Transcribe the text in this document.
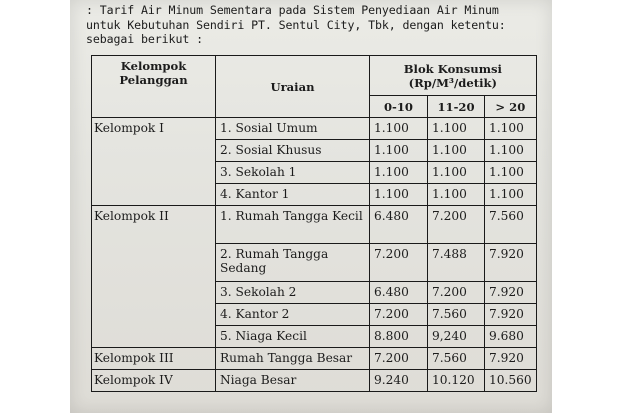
: Tarif Air Minum Sementara pada Sistem Penyediaan Air Minum
untuk Kebutuhan Sendiri PT. Sentul City, Tbk, dengan ketentu:
sebagai berikut :
Kelompok Pelanggan	Uraian	Blok Konsumsi
(Rp/M³/detik)		

		0-10	11-20	> 20
Kelompok I	1. Sosial Umum	1.100	1.100	1.100
	2. Sosial Khusus	1.100	1.100	1.100
	3. Sekolah 1	1.100	1.100	1.100
	4. Kantor 1	1.100	1.100	1.100
Kelompok II	1. Rumah Tangga Kecil	6.480	7.200	7.560
	2. Rumah Tangga Sedang	7.200	7.488	7.920
	3. Sekolah 2	6.480	7.200	7.920
	4. Kantor 2	7.200	7.560	7.920
	5. Niaga Kecil	8.800	9,240	9.680
Kelompok III	Rumah Tangga Besar	7.200	7.560	7.920
Kelompok IV	Niaga Besar	9.240	10.120	10.560
